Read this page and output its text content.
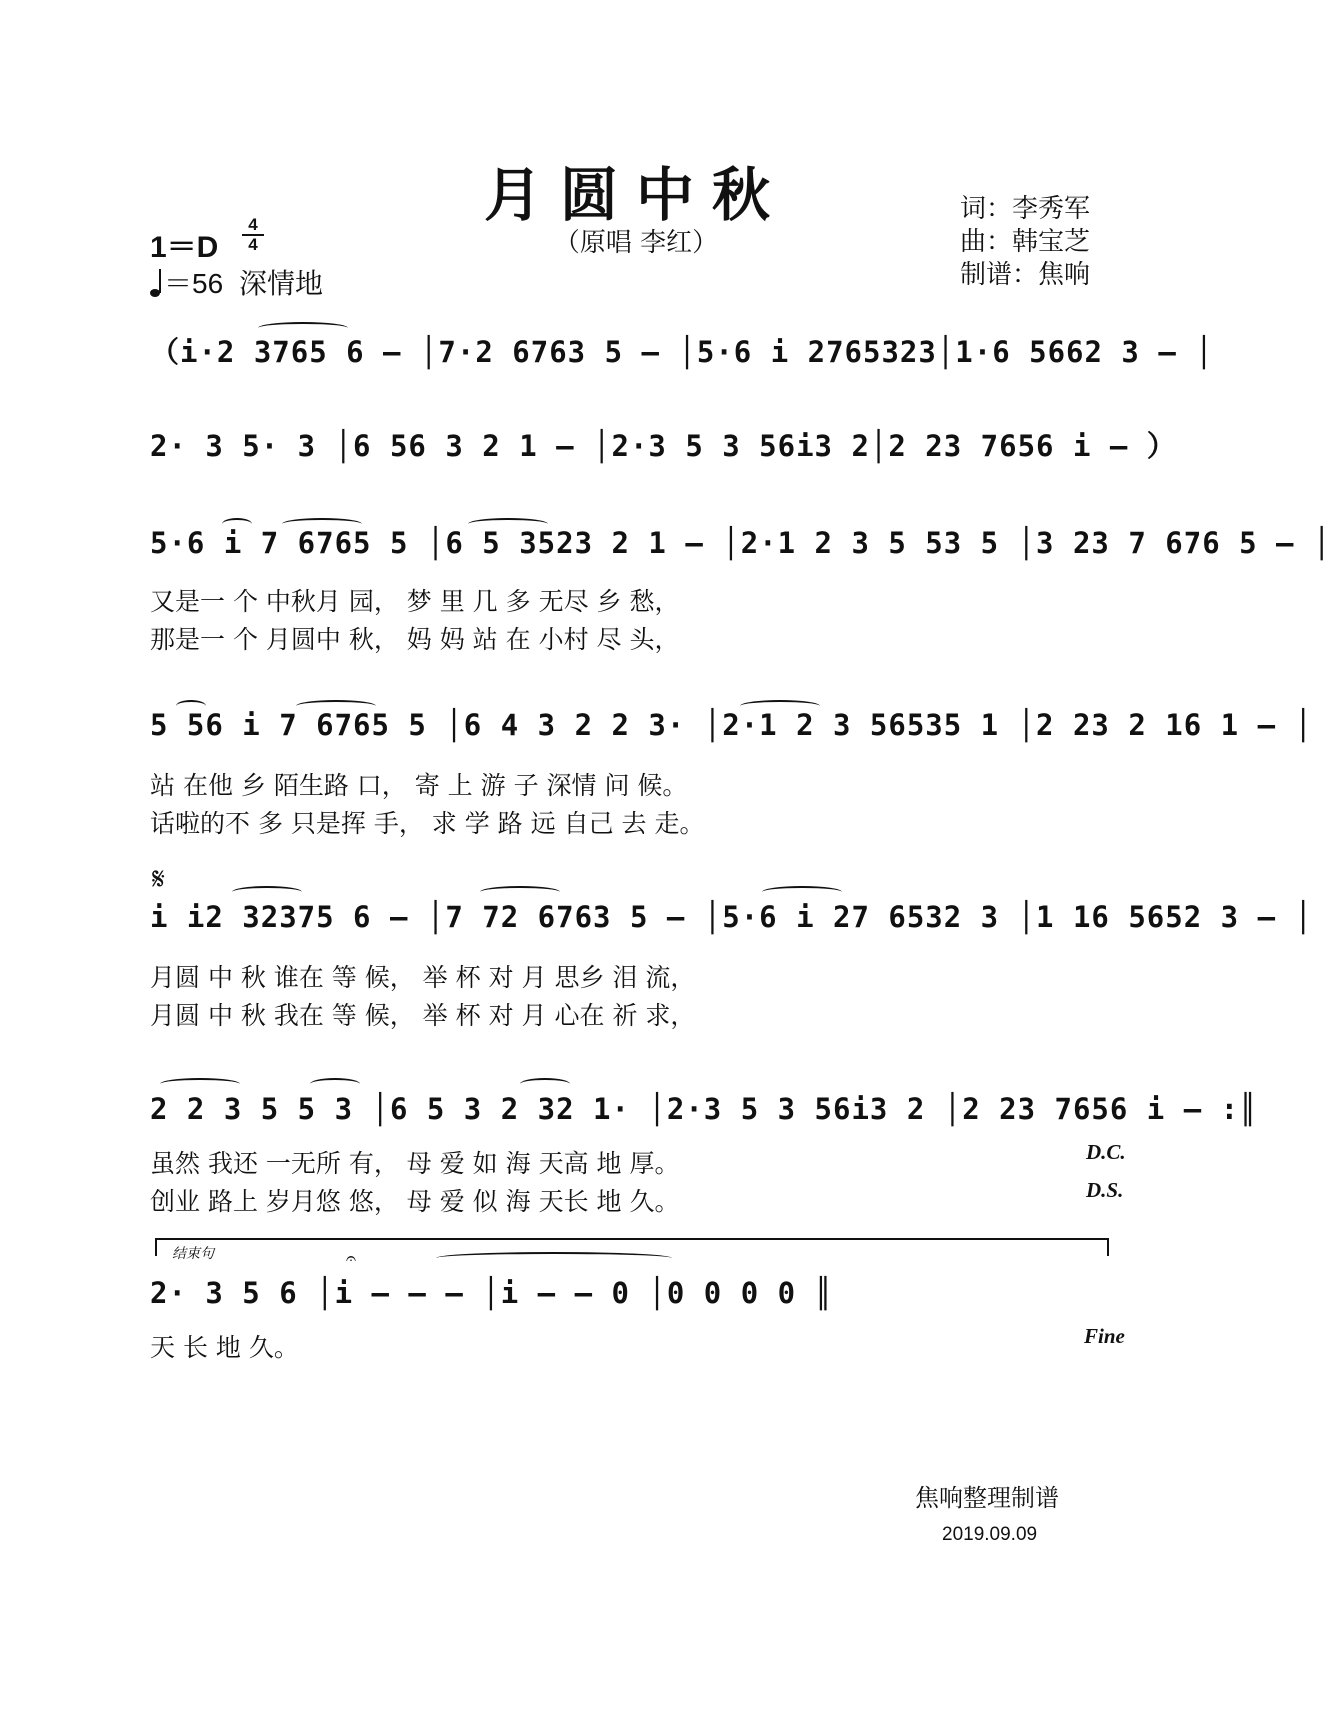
月圆中秋
（原唱 李红）
词：李秀军
曲：韩宝芝
制谱：焦响
1＝D
4
4
＝56 深情地
（i·2 3765 6 – │7·2 6763 5 – │5·6 i 2765323│1·6 5662 3 – │
2· 3 5· 3 │6 56 3 2 1 – │2·3 5 3 56i3 2│2 23 7656 i – ）
5·6 i 7 6765 5 │6 5 3523 2 1 – │2·1 2 3 5 53 5 │3 23 7 676 5 – │
又是一 个 中秋月 园， 梦 里 几 多 无尽 乡 愁，
那是一 个 月圆中 秋， 妈 妈 站 在 小村 尽 头，
5 56 i 7 6765 5 │6 4 3 2 2 3· │2·1 2 3 56535 1 │2 23 2 16 1 – │
站 在他 乡 陌生路 口， 寄 上 游 子 深情 问 候。
话啦的不 多 只是挥 手， 求 学 路 远 自己 去 走。
𝄋
i i2 32375 6 – │7 72 6763 5 – │5·6 i 27 6532 3 │1 16 5652 3 – │
月圆 中 秋 谁在 等 候， 举 杯 对 月 思乡 泪 流，
月圆 中 秋 我在 等 候， 举 杯 对 月 心在 祈 求，
2 2 3 5 5 3 │6 5 3 2 32 1· │2·3 5 3 56i3 2 │2 23 7656 i – :║
虽然 我还 一无所 有， 母 爱 如 海 天高 地 厚。
创业 路上 岁月悠 悠， 母 爱 似 海 天长 地 久。
D.C.
D.S.
结束句	𝄐
2· 3 5 6 │i – – – │i – – 0 │0 0 0 0 ║
天 长 地 久。	Fine
焦响整理制谱
2019.09.09
